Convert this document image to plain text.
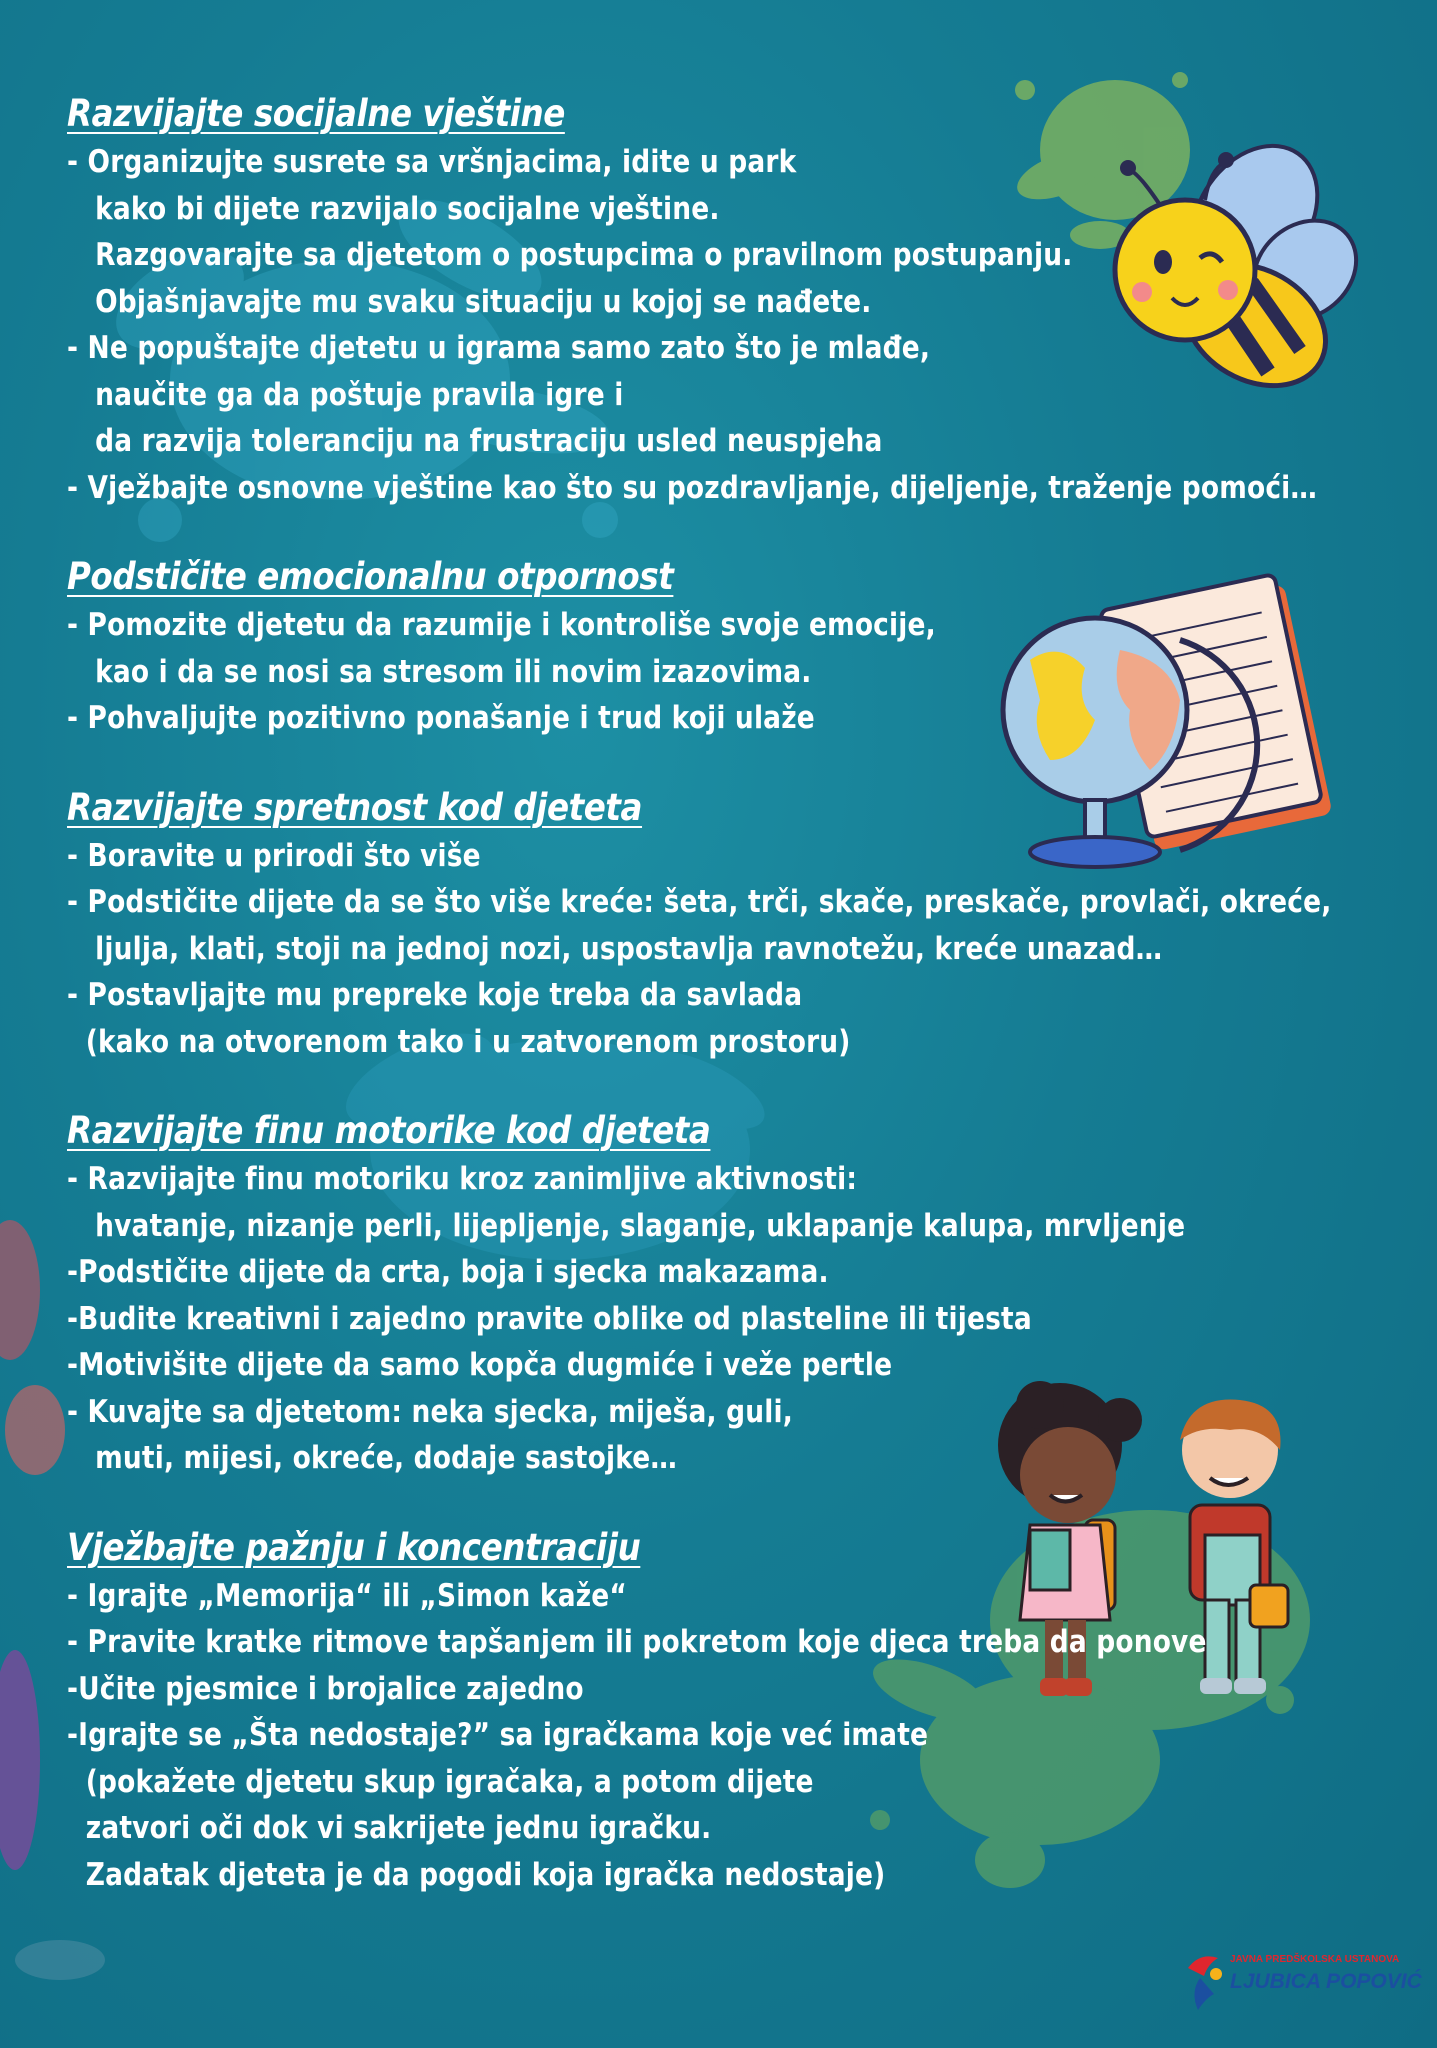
Razvijajte socijalne vještine
- Organizujte susrete sa vršnjacima, idite u park
kako bi dijete razvijalo socijalne vještine.
Razgovarajte sa djetetom o postupcima o pravilnom postupanju.
Objašnjavajte mu svaku situaciju u kojoj se nađete.
- Ne popuštajte djetetu u igrama samo zato što je mlađe,
naučite ga da poštuje pravila igre i
da razvija toleranciju na frustraciju usled neuspjeha
- Vježbajte osnovne vještine kao što su pozdravljanje, dijeljenje, traženje pomoći…
Podstičite emocionalnu otpornost
- Pomozite djetetu da razumije i kontroliše svoje emocije,
kao i da se nosi sa stresom ili novim izazovima.
- Pohvaljujte pozitivno ponašanje i trud koji ulaže
Razvijajte spretnost kod djeteta
- Boravite u prirodi što više
- Podstičite dijete da se što više kreće: šeta, trči, skače, preskače, provlači, okreće,
ljulja, klati, stoji na jednoj nozi, uspostavlja ravnotežu, kreće unazad…
- Postavljajte mu prepreke koje treba da savlada
(kako na otvorenom tako i u zatvorenom prostoru)
Razvijajte finu motorike kod djeteta
- Razvijajte finu motoriku kroz zanimljive aktivnosti:
hvatanje, nizanje perli, lijepljenje, slaganje, uklapanje kalupa, mrvljenje
-Podstičite dijete da crta, boja i sjecka makazama.
-Budite kreativni i zajedno pravite oblike od plasteline ili tijesta
-Motivišite dijete da samo kopča dugmiće i veže pertle
- Kuvajte sa djetetom: neka sjecka, miješa, guli,
muti, mijesi, okreće, dodaje sastojke…
Vježbajte pažnju i koncentraciju
- Igrajte „Memorija“ ili „Simon kaže“
- Pravite kratke ritmove tapšanjem ili pokretom koje djeca treba da ponove
-Učite pjesmice i brojalice zajedno
-Igrajte se „Šta nedostaje?” sa igračkama koje već imate
(pokažete djetetu skup igračaka, a potom dijete
zatvori oči dok vi sakrijete jednu igračku.
Zadatak djeteta je da pogodi koja igračka nedostaje)
JAVNA PREDŠKOLSKA USTANOVA
LJUBICA POPOVIĆ
